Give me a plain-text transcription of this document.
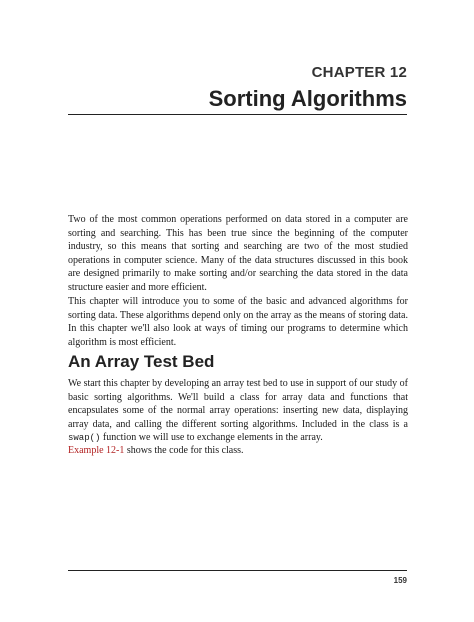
CHAPTER 12
Sorting Algorithms

Two of the most common operations performed on data stored in a computer are sorting and searching. This has been true since the beginning of the computer industry, so this means that sorting and searching are two of the most studied operations in computer science. Many of the data structures discussed in this book are designed primarily to make sorting and/or searching the data stored in the data structure easier and more efficient.

This chapter will introduce you to some of the basic and advanced algorithms for sorting data. These algorithms depend only on the array as the means of storing data. In this chapter we'll also look at ways of timing our programs to determine which algorithm is most efficient.

An Array Test Bed

We start this chapter by developing an array test bed to use in support of our study of basic sorting algorithms. We'll build a class for array data and functions that encapsulates some of the normal array operations: inserting new data, displaying array data, and calling the different sorting algorithms. Included in the class is a swap() function we will use to exchange elements in the array.

Example 12-1 shows the code for this class.

159
